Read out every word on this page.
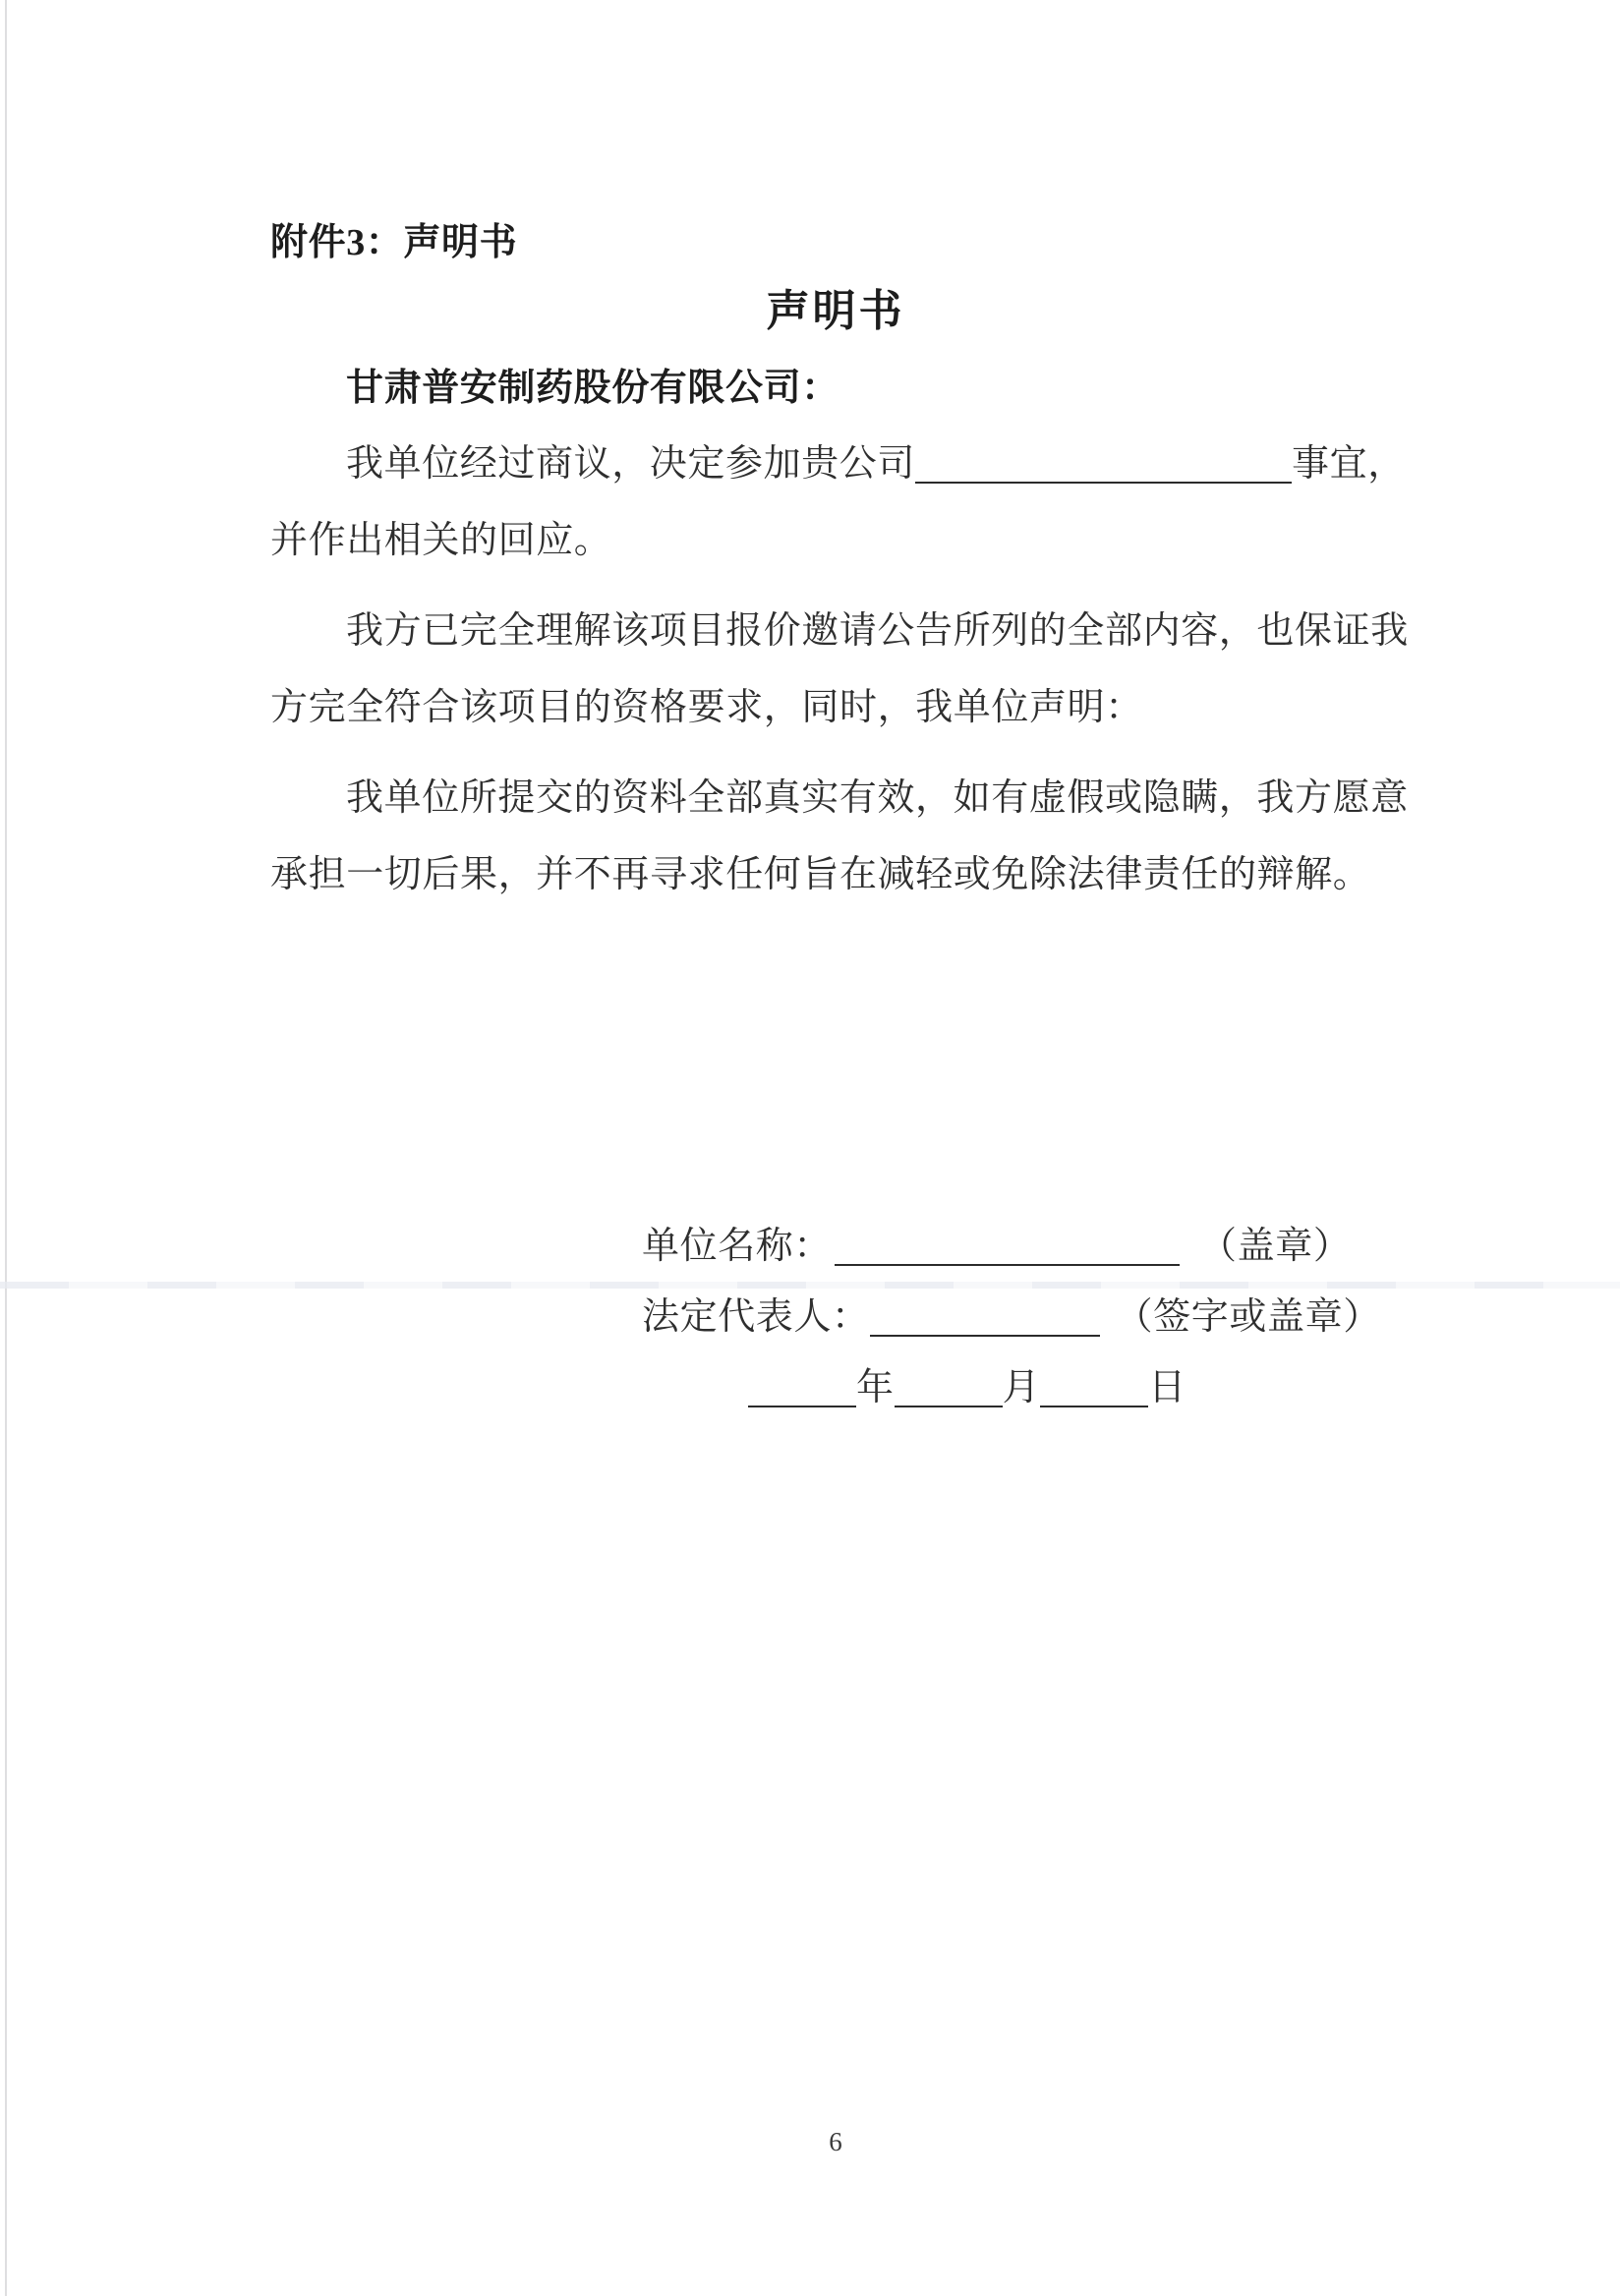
附件3：声明书
声明书
甘肃普安制药股份有限公司：
我单位经过商议，决定参加贵公司	事宜，
并作出相关的回应。
我方已完全理解该项目报价邀请公告所列的全部内容，也保证我
方完全符合该项目的资格要求，同时，我单位声明：
我单位所提交的资料全部真实有效，如有虚假或隐瞒，我方愿意
承担一切后果，并不再寻求任何旨在减轻或免除法律责任的辩解。
单位名称：	（盖章）
法定代表人：	（签字或盖章）
年	月	日
6
